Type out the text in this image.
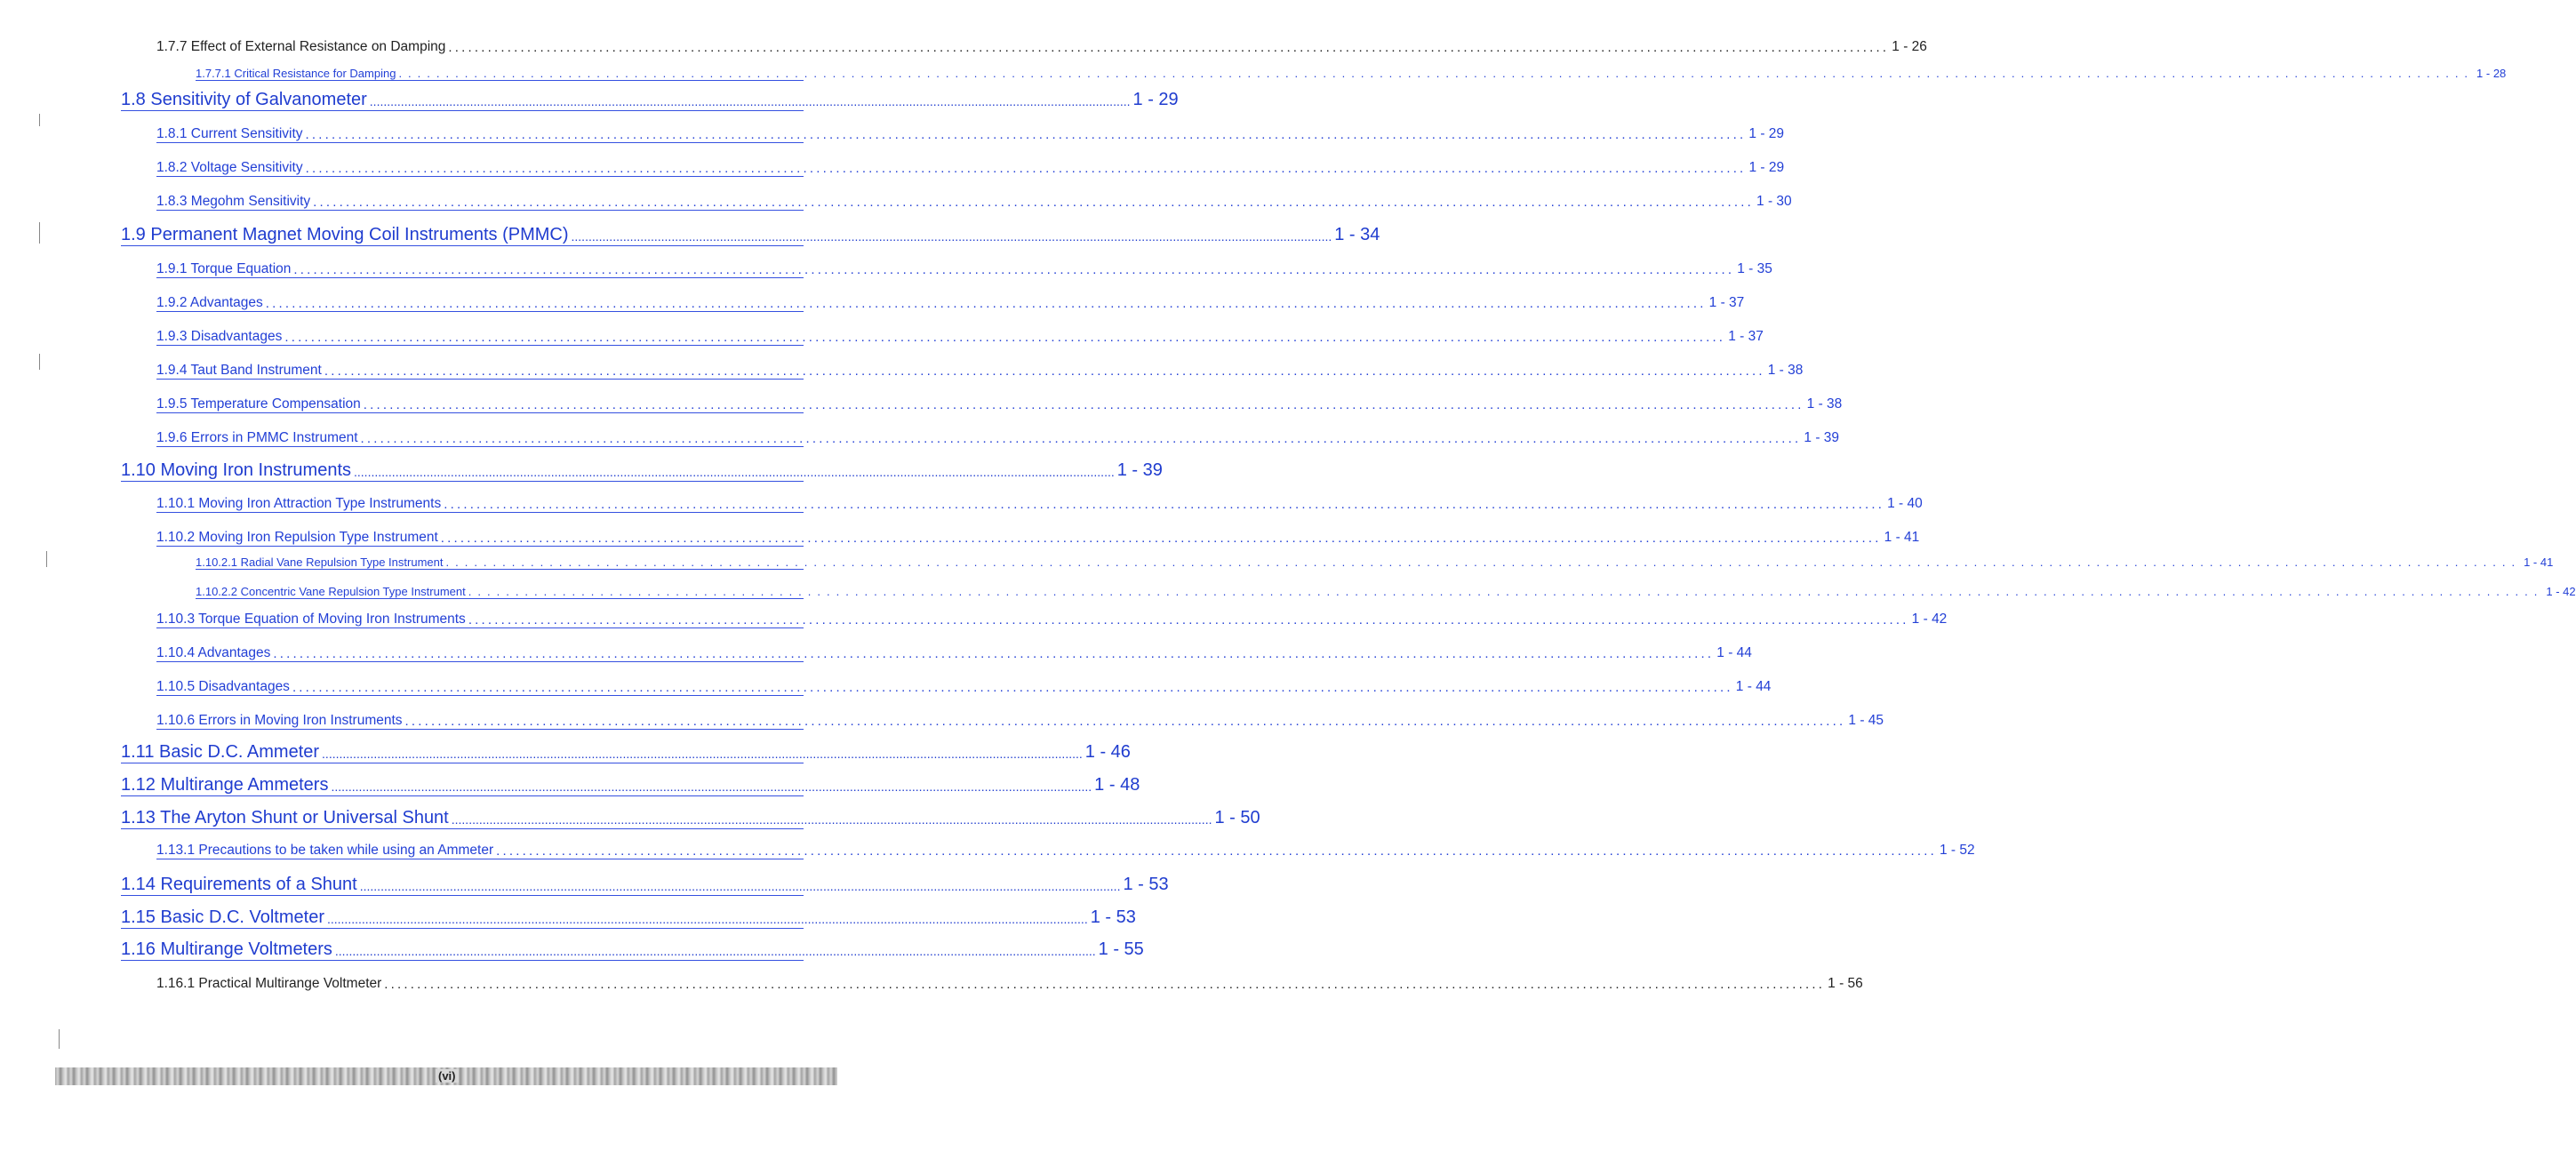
1.7.7 Effect of External Resistance on Damping ............................................................................................................................................................................................................................ 1 - 26
1.7.7.1 Critical Resistance for Damping ............................................................................................................................................................................................................................ 1 - 28
1.8 Sensitivity of Galvanometer ............................................................................................................................................................................................................................ 1 - 29
1.8.1 Current Sensitivity ............................................................................................................................................................................................................................ 1 - 29
1.8.2 Voltage Sensitivity ............................................................................................................................................................................................................................ 1 - 29
1.8.3 Megohm Sensitivity ............................................................................................................................................................................................................................ 1 - 30
1.9 Permanent Magnet Moving Coil Instruments (PMMC) ............................................................................................................................................................................................................................ 1 - 34
1.9.1 Torque Equation ............................................................................................................................................................................................................................ 1 - 35
1.9.2 Advantages ............................................................................................................................................................................................................................ 1 - 37
1.9.3 Disadvantages ............................................................................................................................................................................................................................ 1 - 37
1.9.4 Taut Band Instrument ............................................................................................................................................................................................................................ 1 - 38
1.9.5 Temperature Compensation ............................................................................................................................................................................................................................ 1 - 38
1.9.6 Errors in PMMC Instrument ............................................................................................................................................................................................................................ 1 - 39
1.10 Moving Iron Instruments ............................................................................................................................................................................................................................ 1 - 39
1.10.1 Moving Iron Attraction Type Instruments ............................................................................................................................................................................................................................ 1 - 40
1.10.2 Moving Iron Repulsion Type Instrument ............................................................................................................................................................................................................................ 1 - 41
1.10.2.1 Radial Vane Repulsion Type Instrument ............................................................................................................................................................................................................................ 1 - 41
1.10.2.2 Concentric Vane Repulsion Type Instrument ............................................................................................................................................................................................................................ 1 - 42
1.10.3 Torque Equation of Moving Iron Instruments ............................................................................................................................................................................................................................ 1 - 42
1.10.4 Advantages ............................................................................................................................................................................................................................ 1 - 44
1.10.5 Disadvantages ............................................................................................................................................................................................................................ 1 - 44
1.10.6 Errors in Moving Iron Instruments ............................................................................................................................................................................................................................ 1 - 45
1.11 Basic D.C. Ammeter ............................................................................................................................................................................................................................ 1 - 46
1.12 Multirange Ammeters ............................................................................................................................................................................................................................ 1 - 48
1.13 The Aryton Shunt or Universal Shunt ............................................................................................................................................................................................................................ 1 - 50
1.13.1 Precautions to be taken while using an Ammeter ............................................................................................................................................................................................................................ 1 - 52
1.14 Requirements of a Shunt ............................................................................................................................................................................................................................ 1 - 53
1.15 Basic D.C. Voltmeter ............................................................................................................................................................................................................................ 1 - 53
1.16 Multirange Voltmeters ............................................................................................................................................................................................................................ 1 - 55
1.16.1 Practical Multirange Voltmeter ............................................................................................................................................................................................................................ 1 - 56
(vi)
